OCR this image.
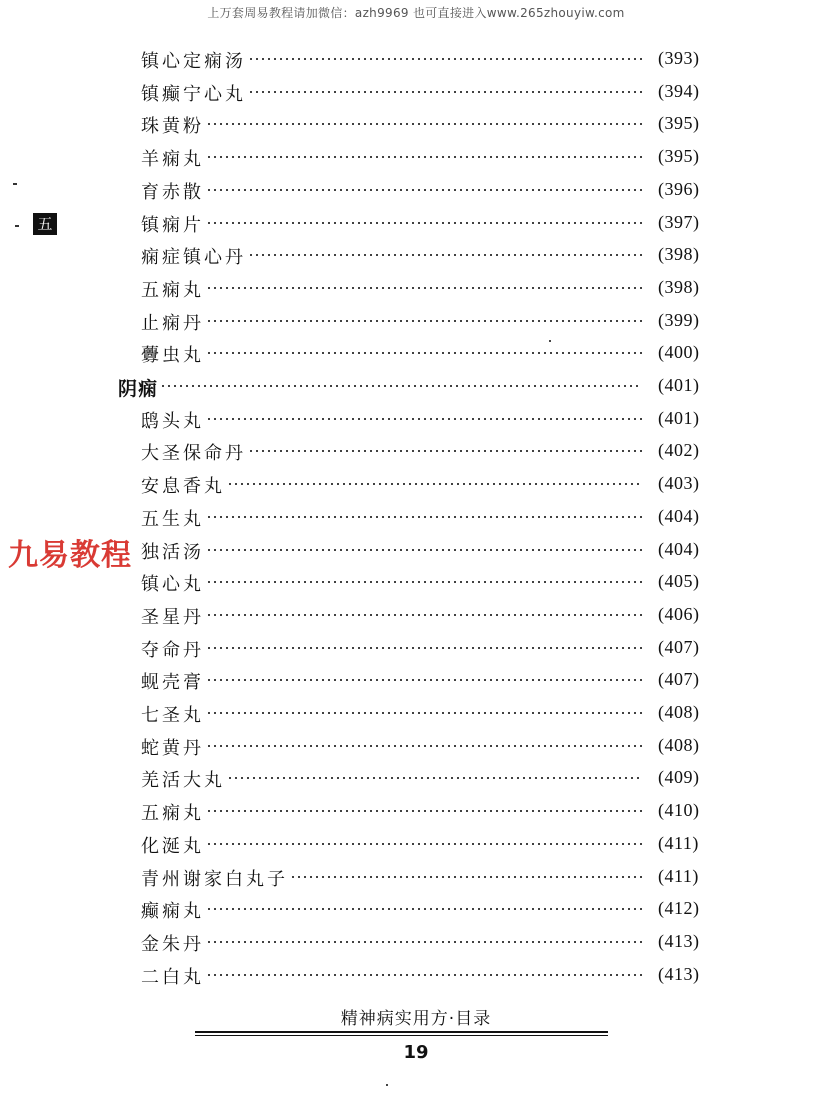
上万套周易教程请加微信：azh9969 也可直接进入www.265zhouyiw.com
五
镇心定痫汤	(393)
镇癫宁心丸	(394)
珠黄粉	(395)
羊痫丸	(395)
育赤散	(396)
镇痫片	(397)
痫症镇心丹	(398)
五痫丸	(398)
止痫丹	(399)
虋虫丸	(400)
阴痫	(401)
鸱头丸	(401)
大圣保命丹	(402)
安息香丸	(403)
五生丸	(404)
独活汤	(404)
镇心丸	(405)
圣星丹	(406)
夺命丹	(407)
蚬壳膏	(407)
七圣丸	(408)
蛇黄丹	(408)
羌活大丸	(409)
五痫丸	(410)
化涎丸	(411)
青州谢家白丸子	(411)
癫痫丸	(412)
金朱丹	(413)
二白丸	(413)
九易教程
精神病实用方·目录
19
